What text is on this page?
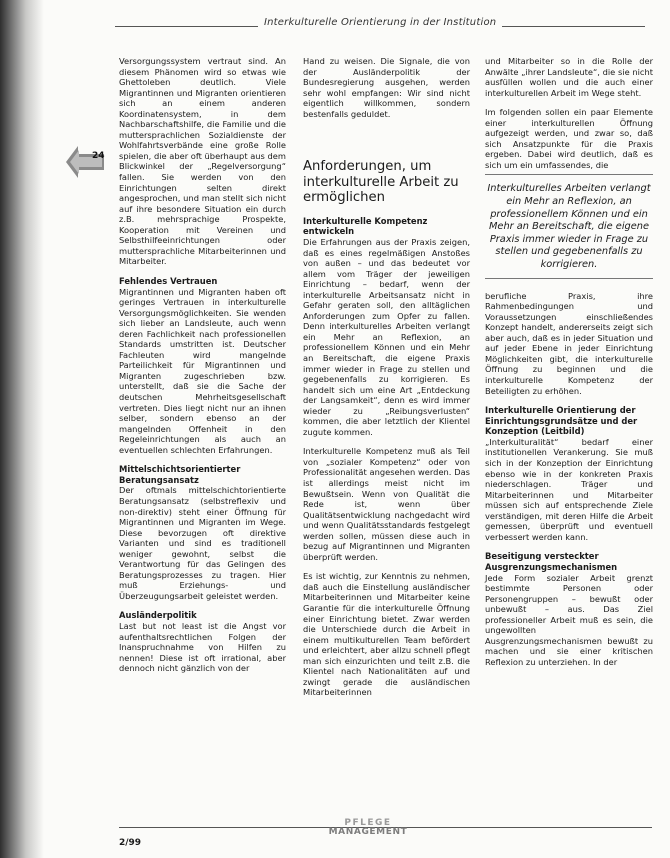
Interkulturelle Orientierung in der Institution
24

Versorgungssystem vertraut sind. An diesem Phänomen wird so etwas wie Ghettoleben deutlich. Viele Migrantinnen und Migranten orientieren sich an einem anderen Koordinatensystem, in dem Nachbarschaftshilfe, die Familie und die muttersprachlichen Sozialdienste der Wohlfahrtsverbände eine große Rolle spielen, die aber oft überhaupt aus dem Blickwinkel der „Regelversorgung“ fallen. Sie werden von den Einrichtungen selten direkt angesprochen, und man stellt sich nicht auf ihre besondere Situation ein durch z.B. mehrsprachige Prospekte, Kooperation mit Vereinen und Selbsthilfeeinrichtungen oder muttersprachliche Mitarbeiterinnen und Mitarbeiter.

Fehlendes Vertrauen

Migrantinnen und Migranten haben oft geringes Vertrauen in interkulturelle Versorgungsmöglichkeiten. Sie wenden sich lieber an Landsleute, auch wenn deren Fachlichkeit nach professionellen Standards umstritten ist. Deutscher Fachleuten wird mangelnde Parteilichkeit für Migrantinnen und Migranten zugeschrieben bzw. unterstellt, daß sie die Sache der deutschen Mehrheitsgesellschaft vertreten. Dies liegt nicht nur an ihnen selber, sondern ebenso an der mangelnden Offenheit in den Regeleinrichtungen als auch an eventuellen schlechten Erfahrungen.

Mittelschichtsorientierter Beratungsansatz

Der oftmals mittelschichtorientierte Beratungsansatz (selbstreflexiv und non-direktiv) steht einer Öffnung für Migrantinnen und Migranten im Wege. Diese bevorzugen oft direktive Varianten und sind es traditionell weniger gewohnt, selbst die Verantwortung für das Gelingen des Beratungsprozesses zu tragen. Hier muß Erziehungs- und Überzeugungsarbeit geleistet werden.

Ausländerpolitik

Last but not least ist die Angst vor aufenthaltsrechtlichen Folgen der Inanspruchnahme von Hilfen zu nennen! Diese ist oft irrational, aber dennoch nicht gänzlich von der

Hand zu weisen. Die Signale, die von der Ausländerpolitik der Bundesregierung ausgehen, werden sehr wohl empfangen: Wir sind nicht eigentlich willkommen, sondern bestenfalls geduldet.

Anforderungen, um interkulturelle Arbeit zu ermöglichen
Interkulturelle Kompetenz entwickeln

Die Erfahrungen aus der Praxis zeigen, daß es eines regelmäßigen Anstoßes von außen – und das bedeutet vor allem vom Träger der jeweiligen Einrichtung – bedarf, wenn der interkulturelle Arbeitsansatz nicht in Gefahr geraten soll, den alltäglichen Anforderungen zum Opfer zu fallen. Denn interkulturelles Arbeiten verlangt ein Mehr an Reflexion, an professionellem Können und ein Mehr an Bereitschaft, die eigene Praxis immer wieder in Frage zu stellen und gegebenenfalls zu korrigieren. Es handelt sich um eine Art „Entdeckung der Langsamkeit“, denn es wird immer wieder zu „Reibungsverlusten“ kommen, die aber letztlich der Klientel zugute kommen.

Interkulturelle Kompetenz muß als Teil von „sozialer Kompetenz“ oder von Professionalität angesehen werden. Das ist allerdings meist nicht im Bewußtsein. Wenn von Qualität die Rede ist, wenn über Qualitätsentwicklung nachgedacht wird und wenn Qualitätsstandards festgelegt werden sollen, müssen diese auch in bezug auf Migrantinnen und Migranten überprüft werden.

Es ist wichtig, zur Kenntnis zu nehmen, daß auch die Einstellung ausländischer Mitarbeiterinnen und Mitarbeiter keine Garantie für die interkulturelle Öffnung einer Einrichtung bietet. Zwar werden die Unterschiede durch die Arbeit in einem multikulturellen Team befördert und erleichtert, aber allzu schnell pflegt man sich einzurichten und teilt z.B. die Klientel nach Nationalitäten auf und zwingt gerade die ausländischen Mitarbeiterinnen

und Mitarbeiter so in die Rolle der Anwälte „ihrer Landsleute“, die sie nicht ausfüllen wollen und die auch einer interkulturellen Arbeit im Wege steht.

Im folgenden sollen ein paar Elemente einer interkulturellen Öffnung aufgezeigt werden, und zwar so, daß sich Ansatzpunkte für die Praxis ergeben. Dabei wird deutlich, daß es sich um ein umfassendes, die

Interkulturelles Arbeiten verlangt ein Mehr an Reflexion, an professionellem Können und ein Mehr an Bereitschaft, die eigene Praxis immer wieder in Frage zu stellen und gegebenenfalls zu korrigieren.

berufliche Praxis, ihre Rahmenbedingungen und Voraussetzungen einschließendes Konzept handelt, andererseits zeigt sich aber auch, daß es in jeder Situation und auf jeder Ebene in jeder Einrichtung Möglichkeiten gibt, die interkulturelle Öffnung zu beginnen und die interkulturelle Kompetenz der Beteiligten zu erhöhen.

Interkulturelle Orientierung der Einrichtungsgrundsätze und der Konzeption (Leitbild)

„Interkulturalität“ bedarf einer institutionellen Verankerung. Sie muß sich in der Konzeption der Einrichtung ebenso wie in der konkreten Praxis niederschlagen. Träger und Mitarbeiterinnen und Mitarbeiter müssen sich auf entsprechende Ziele verständigen, mit deren Hilfe die Arbeit gemessen, überprüft und eventuell verbessert werden kann.

Beseitigung versteckter Ausgrenzungsmechanismen

Jede Form sozialer Arbeit grenzt bestimmte Personen oder Personengruppen – bewußt oder unbewußt – aus. Das Ziel professioneller Arbeit muß es sein, die ungewollten Ausgrenzungsmechanismen bewußt zu machen und sie einer kritischen Reflexion zu unterziehen. In der

2/99
PFLEGE
MANAGEMENT
